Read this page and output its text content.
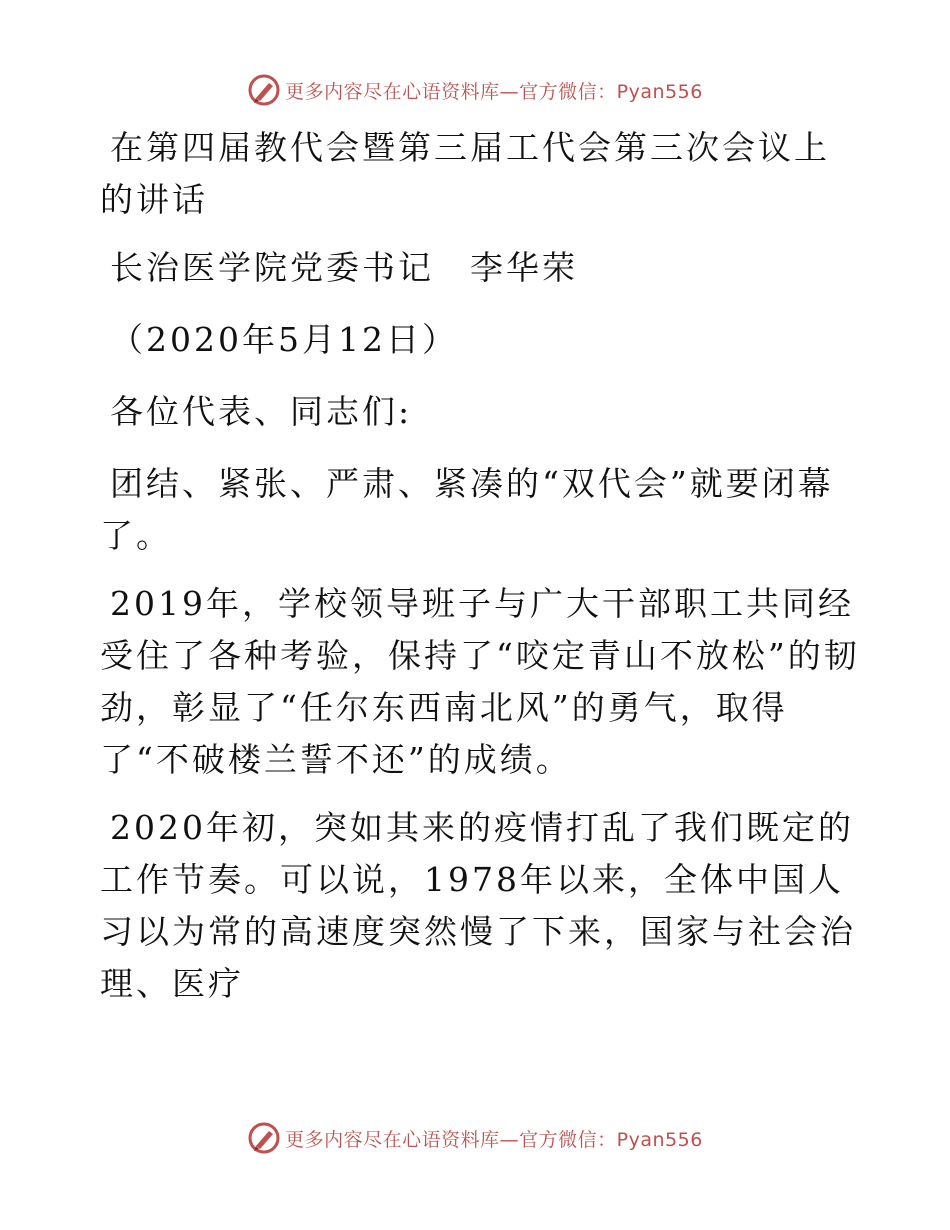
更多内容尽在心语资料库—官方微信：Pyan556

在第四届教代会暨第三届工代会第三次会议上的讲话

长治医学院党委书记　李华荣

（2020年5月12日）

各位代表、同志们:

团结、紧张、严肃、紧凑的“双代会”就要闭幕了。

2019年，学校领导班子与广大干部职工共同经受住了各种考验，保持了“咬定青山不放松”的韧劲，彰显了“任尔东西南北风”的勇气，取得了“不破楼兰誓不还”的成绩。

2020年初，突如其来的疫情打乱了我们既定的工作节奏。可以说，1978年以来，全体中国人习以为常的高速度突然慢了下来，国家与社会治理、医疗

更多内容尽在心语资料库—官方微信：Pyan556
